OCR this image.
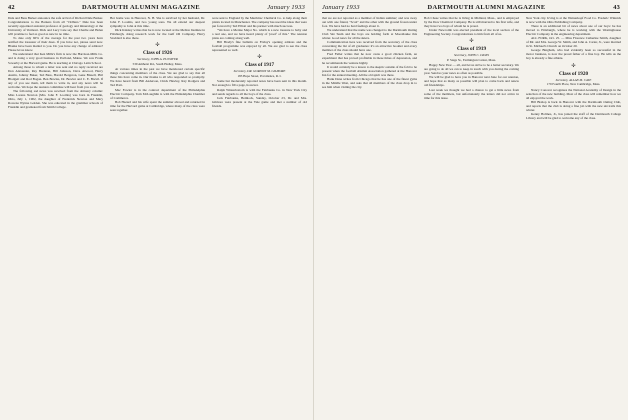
42	DARTMOUTH ALUMNI MAGAZINE	January 1933

Dale and Bess Barker announce the safe arrival of Richard Dale Barker. Congratulations to the Barkers from all "1926ers." Dale has been recently appointed assistant professor of geology and mineralogy at the University of Vermont. Dick and Lucy Cate say that Charlie and Helen will promise to feel as good as new in no time.

To date only 60% of the average for the past two years have notified the treasurer of their dues. If you have not, please send now. Blanks have been mailed to you. Do you have any change of address? Please let us know.

We understand that Ken Mills's firm is now the Harrison-Mills Co. and is doing a very good business in Portland, Maine. We saw Frank Sowerby at the Harvard game. He is teaching at Chicago Latin School.

Among those to whom a letter was sent and no reply received are Don Alexander, Ray Brennan, Bill Johnson, Dave Atwood, Harry Austin, Johnny Baker, Ted Bass, Harold Bergeron, Gene Bissell, Phil Blodgett and Rod Bogan. Ben Bowles, Dr. Bowler and C. E. Brevil. If any of you see them, tell them to write in, and any news will be welcome. We hope the reunion committee will hear from you soon.

The following sad news was received from the obituary column: Miss Lorena Newton (Mrs. John F. Loomis) was born in Franklin, Ohio, July 1, 1902, the daughter of Frederick Newton and Mary Rowena Wynne Golden. She was educated in the grammar schools of Franklin and graduated from Smith College.

Her home was in Hanover, N. H. She is survived by her husband, Dr. John F. Loomis, and two young sons. We all extend our deepest sympathy to John at this time.

Dick Kinsley writes that he is now located at the Mellon Institute in Pittsburgh, doing research work for the Gulf Oil Company. Harry Stoddard is also there.

✣
Class of 1926
Secretary, JOHN A. PULSIFER
539 Amherst Rd., South Hadley, Mass.

At various times in the past we have mentioned certain specific things concerning members of the class. We are glad to say that all these bits have come in. Our thanks to all who responded so promptly. We have heard from Bill Anderson, Chick Hawley, Ray Rodgers and Ted Pratt.

Mac Fowler is in the contract department of the Philadelphia Electric Company. Tom McLaughlin is with the Philadelphia Chamber of Commerce.

Bob Hazard and his wife spent the summer abroad and returned in time for the Harvard game at Cambridge, where many of the class were seen together.

were sent to England by the Merrimac Chemical Co. to help along their plants located in Manchester. The company has used the ideas that were put forward by Ted Elliott and his partner with much success.

"We have a Mernie Major No. which is a new treasure to baby and a real one, and we have heard plenty of 'proof' of this." The reunion plans are coming along well.

Bill Brady's fine bulletin on Friday's opening address and the football programme was enjoyed by all. We are glad to see the class represented so well.

✣
Class of 1917
Secretary, DR. GORDON M. GILMORE
183 Hope Street, Providence, R. I.

Some but moderately reported notes have been sent in this month. Not enough to fill a page, however.

Ralph Winterbottom is with the Fairbanks Co. in New York City and sends regards to all the boys of the class.

Jack Fairbanks, Hemlock, Sunday, October 23, Dr. and Mrs. Gilmore were present at the Yale game and met a number of old friends.

January 1933	DARTMOUTH ALUMNI MAGAZINE	43

that we are not reported as a member of Indian summer; and was away out with one friend, "Scott" and the other with the ground frozen under foot. We have had no hard feelings about it.

We understand that the name was changed to the Dartmouth Outing Club Ski Team and the boys are holding forth at Moosilauke this winter. Good news for all the skiers.

Communication here was received from the secretary of the class concerning the list of all graduates: it's an attractive booklet and every member of the class should have one.

Fred Fuller writes that he now owns a good chicken farm, an experiment that has proved profitable in these times of depression, and he recommends the venture highly.

It would certainly be a lesson to the skeptic outside of the fold to be present when the football Alumni Association gathered at the Hanover Inn for the annual meeting. All the old spirit was there.

Hank Dana writes from Chicago that he has one of the finest gyms in the Middle West, and asks that all members of the class drop in to see him when visiting the city.

Bob Chase writes that he is living in Midland, Mass., and is employed by the Dow Chemical Company. He is still married to his first wife, and they have two boys of whom he is proud.

Under Newcomb was elected president of the local section of the Engineering Society. Congratulations to him from all of us.

✣
Class of 1919
Secretary, JOHN C. DAVIS
P. Stage St., Farmington Center, Mass.

Happy New Year — all, and let us strive to be a better secretary. We are going to do all we can to keep in touch with you during the coming year. Send us your news as often as possible.

We will be glad to have you in Hanover next June for our reunion, and hope that as many as possible will plan to come back and renew old friendships.

Last week we thought we had a chance to get a little news from some of the members, but unfortunately the letters did not arrive in time for this issue.

New York city. Irving is at the Weinerkopf Food Co. Frederic Winnick is now with the Ohio Publishing Company.

There is an additional bit of news about one of our boys: he has moved to Pittsburgh, where he is working with the Westinghouse Electric Company in the engineering department.

ALL FORK, Oct. 25. — Miss Florence Catherine Smith, daughter of Mr. and Mrs. George W. Smith, and John A. Carter, Jr., were married in St. Michael's Church on October 20.

George Bingham, who had evidently been so successful in the motor business, is now the proud father of a fine boy. He tells us the boy is already a fine athlete.

✣
Class of 1920
Secretary, ALLAN M. CATE
179 Fourth Place, New Cambridge, Mass.

Nancy Conover recognizes the National Academy of Design in the selection of the new building. Most of the class will remember how we all enjoyed the work.

Bill Bishop is back in Hanover with the Dartmouth Outing Club, and reports that the club is doing a fine job with the new ski trails this winter.

Kenny Holmes, Jr., has joined the staff of the Dartmouth College Library and will be glad to welcome any of the class.
